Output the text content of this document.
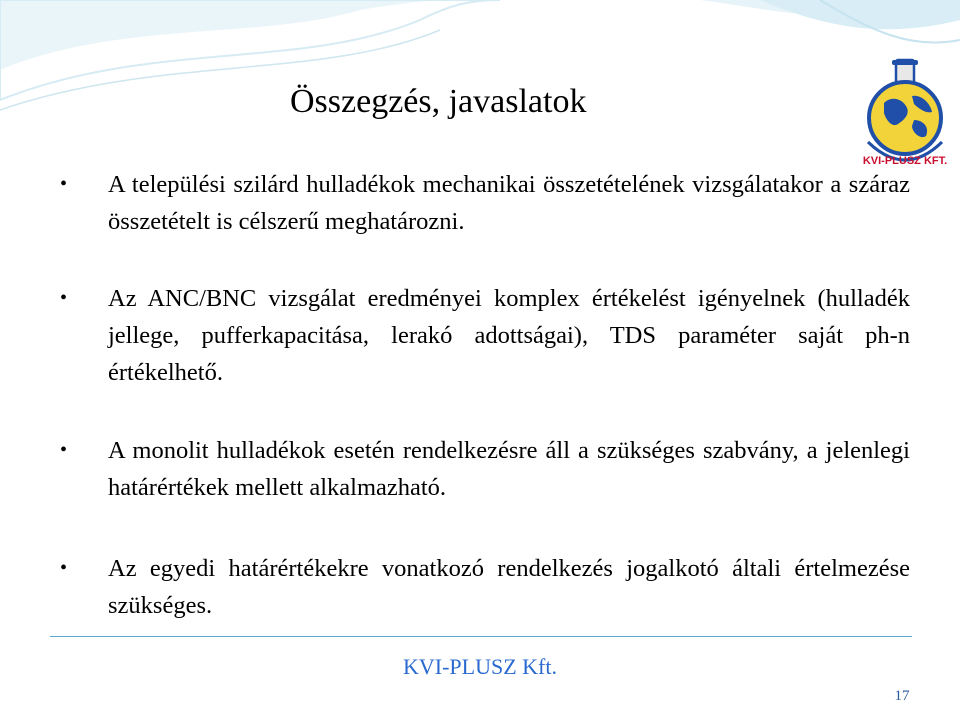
KVI-PLUSZ KFT.
Összegzés, javaslatok
• A települési szilárd hulladékok mechanikai összetételének vizsgálatakor a száraz összetételt is célszerű meghatározni.
• Az ANC/BNC vizsgálat eredményei komplex értékelést igényelnek (hulladék jellege, pufferkapacitása, lerakó adottságai), TDS paraméter saját ph-n értékelhető.
• A monolit hulladékok esetén rendelkezésre áll a szükséges szabvány, a jelenlegi határértékek mellett alkalmazható.
• Az egyedi határértékekre vonatkozó rendelkezés jogalkotó általi értelmezése szükséges.
KVI-PLUSZ Kft.
17
